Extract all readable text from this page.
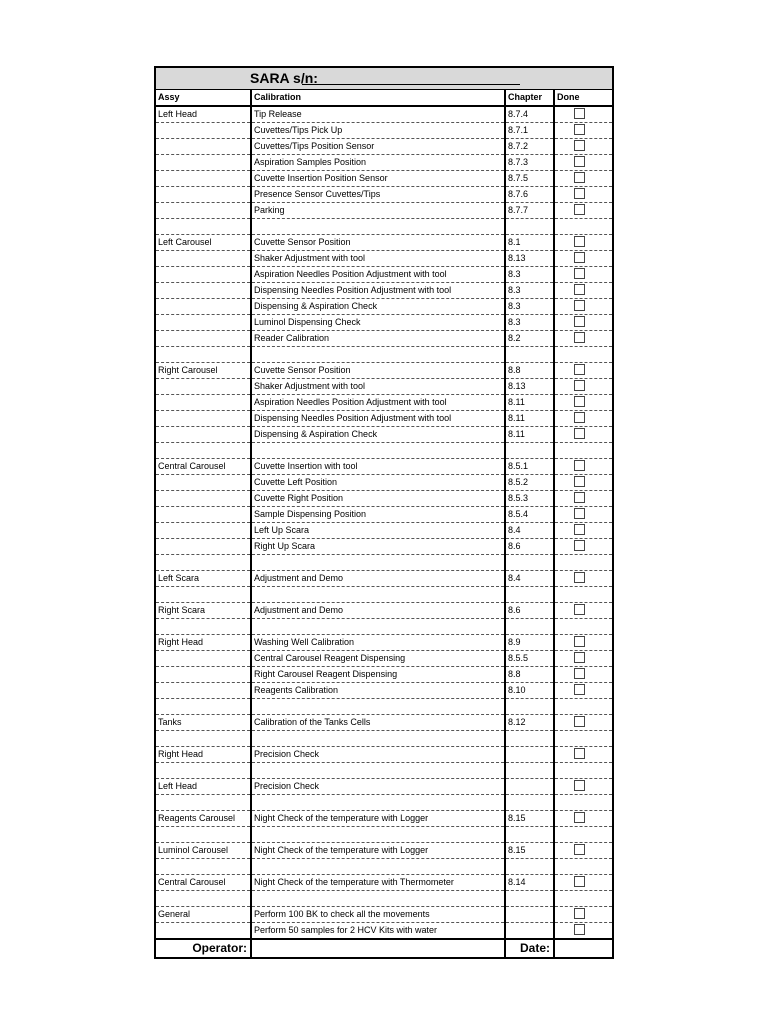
SARA s/n:
Assy	Calibration	Chapter	Done
Left Head	Tip Release	8.7.4	
	Cuvettes/Tips Pick Up	8.7.1	
	Cuvettes/Tips Position Sensor	8.7.2	
	Aspiration Samples Position	8.7.3	
	Cuvette Insertion Position Sensor	8.7.5	
	Presence Sensor Cuvettes/Tips	8.7.6	
	Parking	8.7.7	

Left Carousel	Cuvette Sensor Position	8.1	
	Shaker Adjustment with tool	8.13	
	Aspiration Needles Position Adjustment with tool	8.3	
	Dispensing Needles Position Adjustment with tool	8.3	
	Dispensing & Aspiration Check	8.3	
	Luminol Dispensing Check	8.3	
	Reader Calibration	8.2	

Right Carousel	Cuvette Sensor Position	8.8	
	Shaker Adjustment with tool	8.13	
	Aspiration Needles Position Adjustment with tool	8.11	
	Dispensing Needles Position Adjustment with tool	8.11	
	Dispensing & Aspiration Check	8.11	

Central Carousel	Cuvette Insertion with tool	8.5.1	
	Cuvette Left Position	8.5.2	
	Cuvette Right Position	8.5.3	
	Sample Dispensing Position	8.5.4	
	Left Up Scara	8.4	
	Right Up Scara	8.6	

Left Scara	Adjustment and Demo	8.4	

Right Scara	Adjustment and Demo	8.6	

Right Head	Washing Well Calibration	8.9	
	Central Carousel Reagent Dispensing	8.5.5	
	Right Carousel Reagent Dispensing	8.8	
	Reagents Calibration	8.10	

Tanks	Calibration of the Tanks Cells	8.12	

Right Head	Precision Check		

Left Head	Precision Check		

Reagents Carousel	Night Check of the temperature with Logger	8.15	

Luminol Carousel	Night Check of the temperature with Logger	8.15	

Central Carousel	Night Check of the temperature with Thermometer	8.14	

General	Perform 100 BK to check all the movements		
	Perform 50 samples for 2 HCV Kits with water		
Operator:		Date:	
